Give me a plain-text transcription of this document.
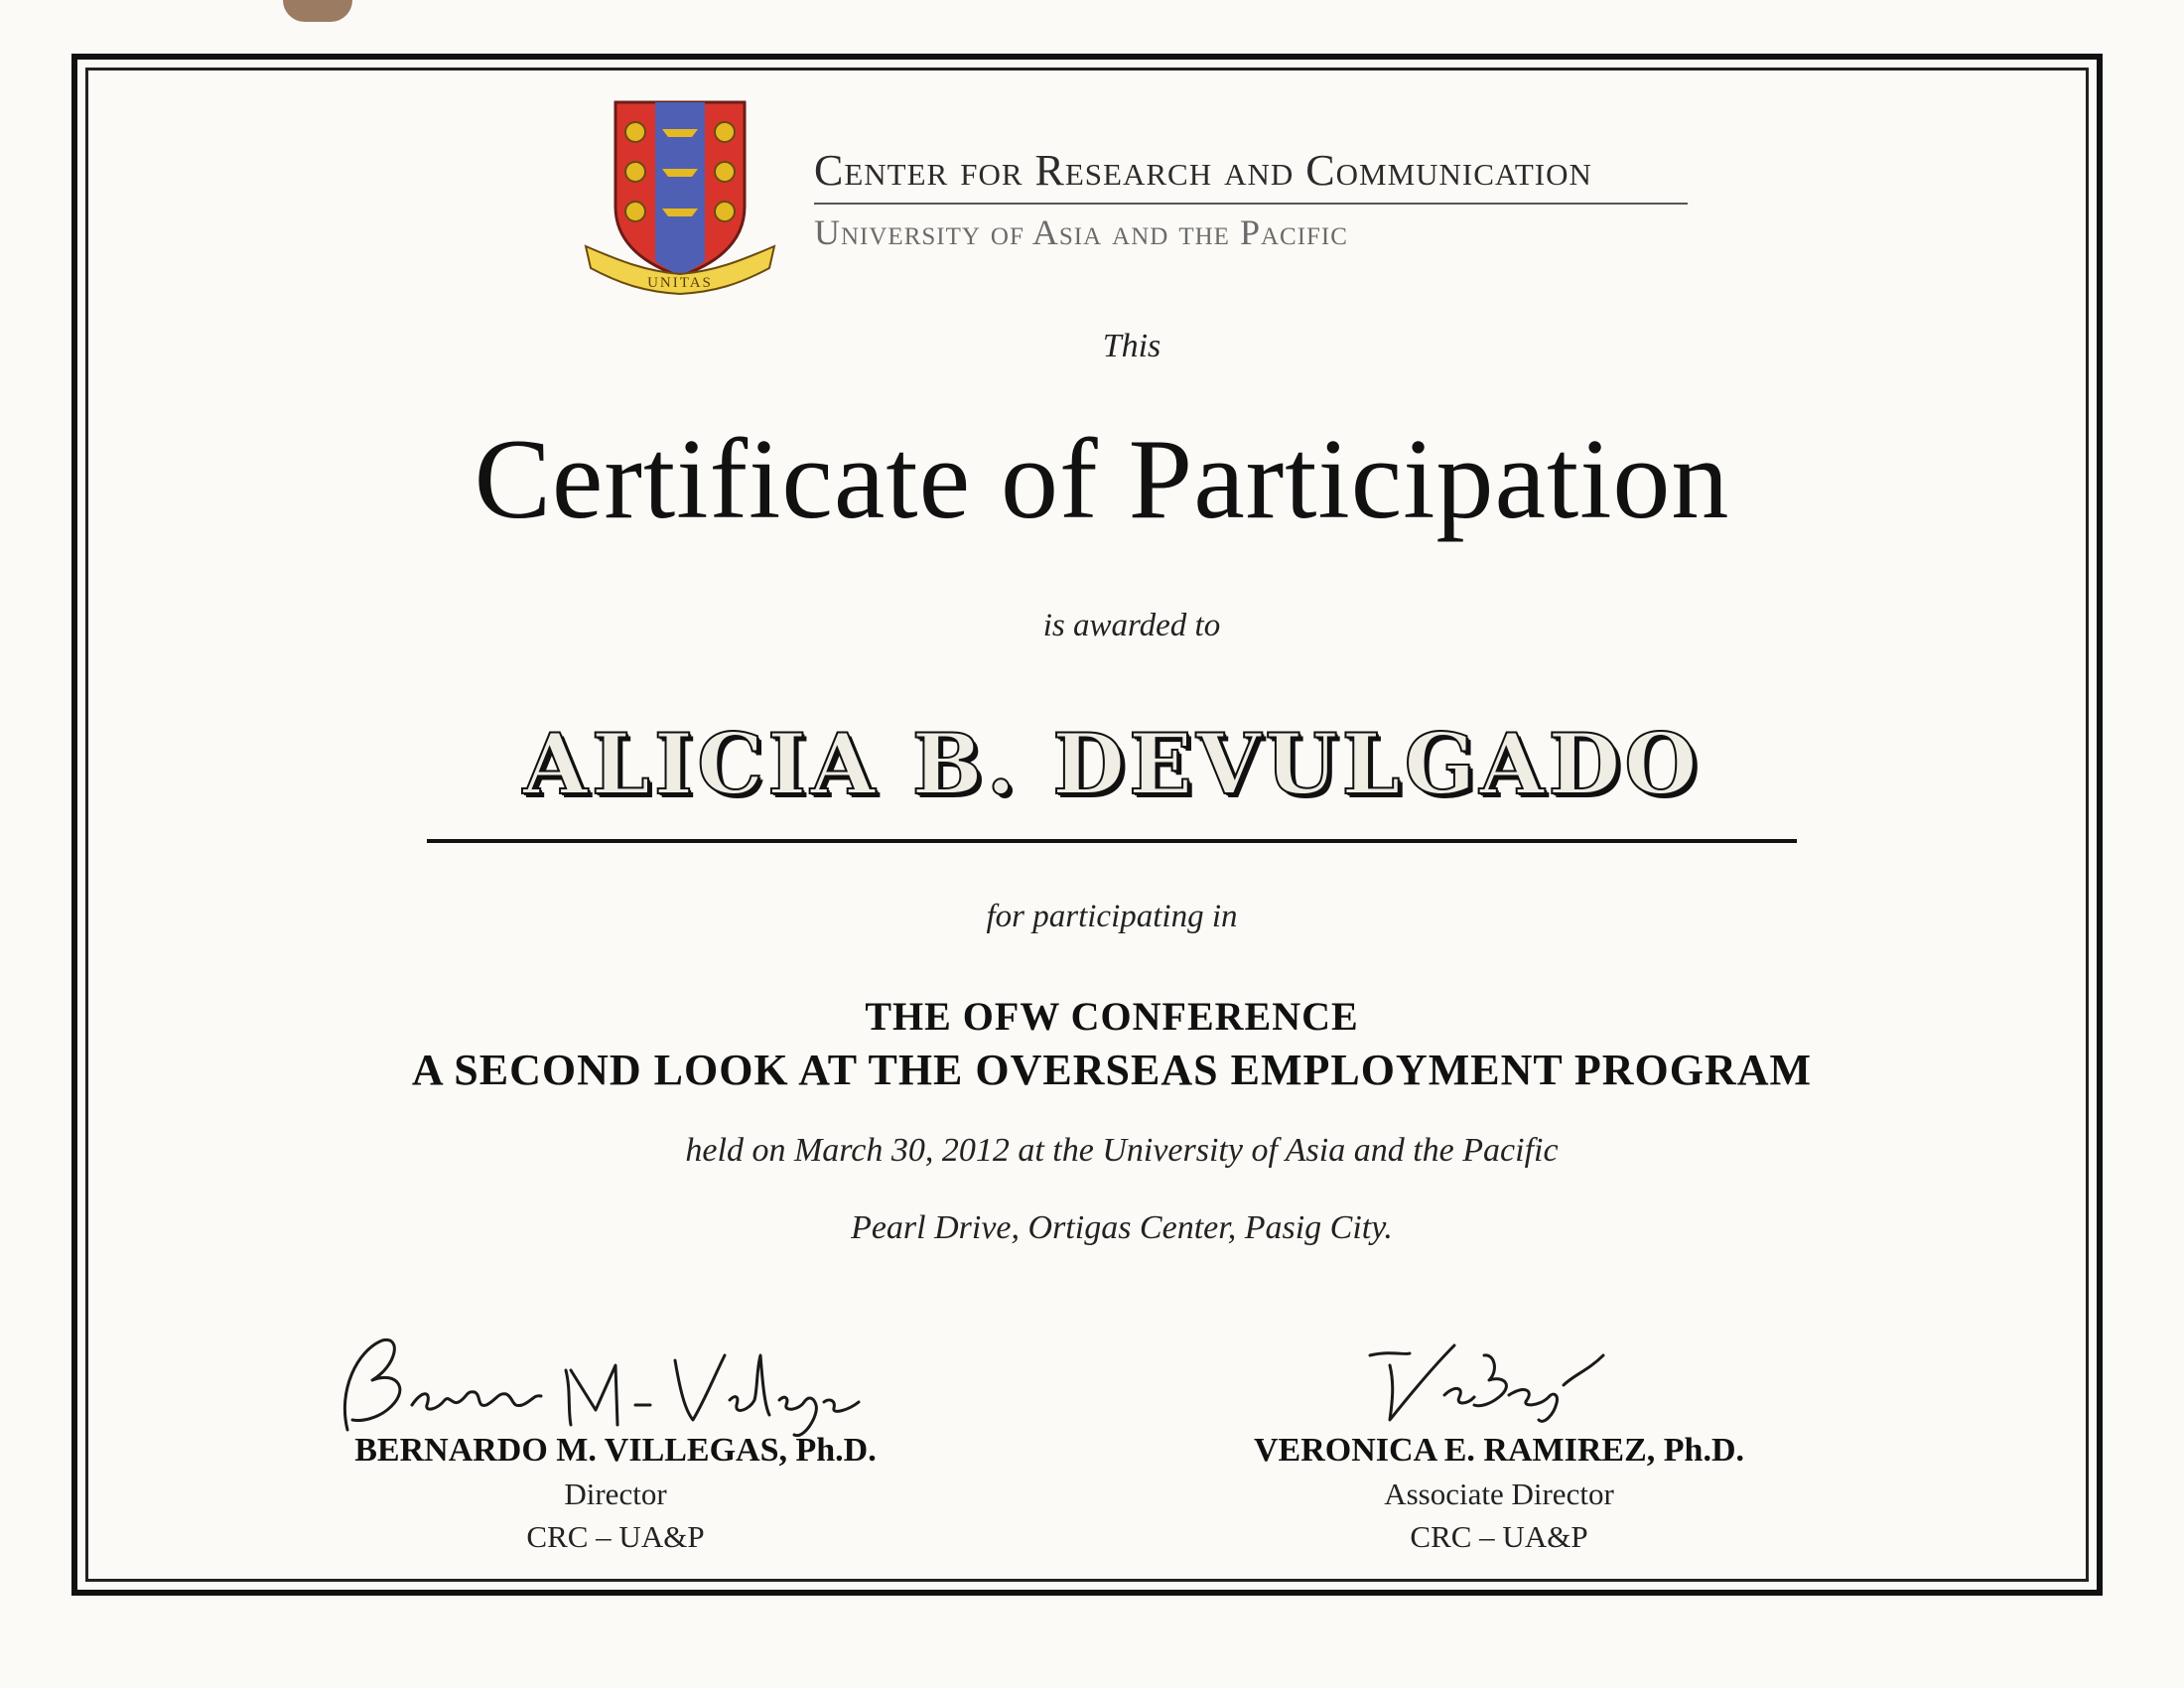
UNITAS
Center for Research and Communication
University of Asia and the Pacific
This
Certificate of Participation
is awarded to
ALICIA B. DEVULGADO
for participating in
THE OFW CONFERENCE
A SECOND LOOK AT THE OVERSEAS EMPLOYMENT PROGRAM
held on March 30, 2012 at the University of Asia and the Pacific
Pearl Drive, Ortigas Center, Pasig City.
BERNARDO M. VILLEGAS, Ph.D.
Director
CRC – UA&P
VERONICA E. RAMIREZ, Ph.D.
Associate Director
CRC – UA&P
